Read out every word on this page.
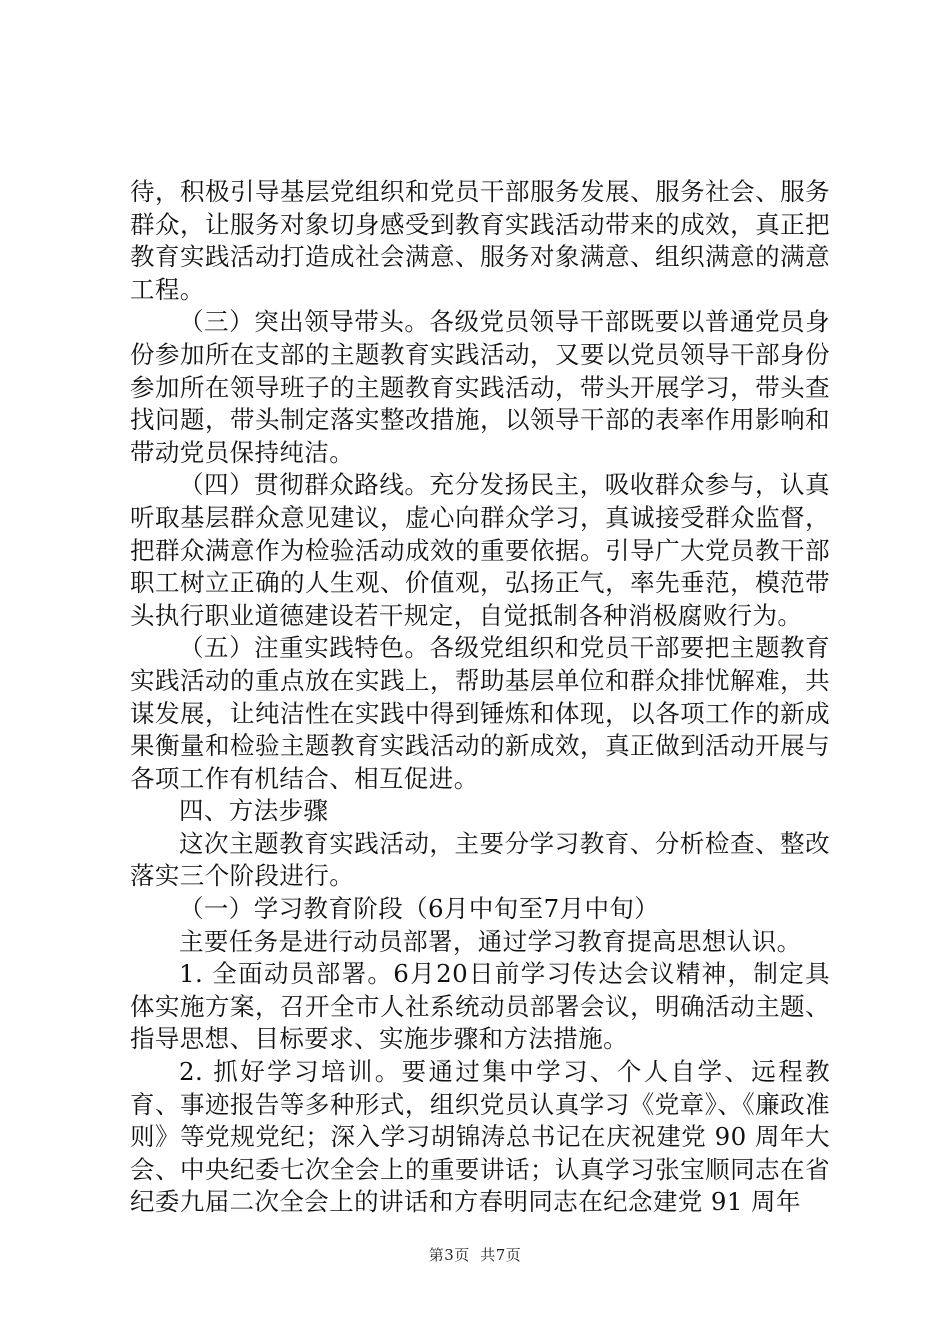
待，积极引导基层党组织和党员干部服务发展、服务社会、服务群众，让服务对象切身感受到教育实践活动带来的成效，真正把教育实践活动打造成社会满意、服务对象满意、组织满意的满意工程。

（三）突出领导带头。各级党员领导干部既要以普通党员身份参加所在支部的主题教育实践活动，又要以党员领导干部身份参加所在领导班子的主题教育实践活动，带头开展学习，带头查找问题，带头制定落实整改措施，以领导干部的表率作用影响和带动党员保持纯洁。

（四）贯彻群众路线。充分发扬民主，吸收群众参与，认真听取基层群众意见建议，虚心向群众学习，真诚接受群众监督，把群众满意作为检验活动成效的重要依据。引导广大党员教干部职工树立正确的人生观、价值观，弘扬正气，率先垂范，模范带头执行职业道德建设若干规定，自觉抵制各种消极腐败行为。

（五）注重实践特色。各级党组织和党员干部要把主题教育实践活动的重点放在实践上，帮助基层单位和群众排忧解难，共谋发展，让纯洁性在实践中得到锤炼和体现，以各项工作的新成果衡量和检验主题教育实践活动的新成效，真正做到活动开展与各项工作有机结合、相互促进。

四、方法步骤

这次主题教育实践活动，主要分学习教育、分析检查、整改落实三个阶段进行。

（一）学习教育阶段（6月中旬至7月中旬）

主要任务是进行动员部署，通过学习教育提高思想认识。

1. 全面动员部署。6月20日前学习传达会议精神，制定具体实施方案，召开全市人社系统动员部署会议，明确活动主题、指导思想、目标要求、实施步骤和方法措施。

2. 抓好学习培训。要通过集中学习、个人自学、远程教育、事迹报告等多种形式，组织党员认真学习《党章》、《廉政准则》等党规党纪；深入学习胡锦涛总书记在庆祝建党 90 周年大会、中央纪委七次全会上的重要讲话；认真学习张宝顺同志在省纪委九届二次全会上的讲话和方春明同志在纪念建党 91 周年

第3页  共7页
